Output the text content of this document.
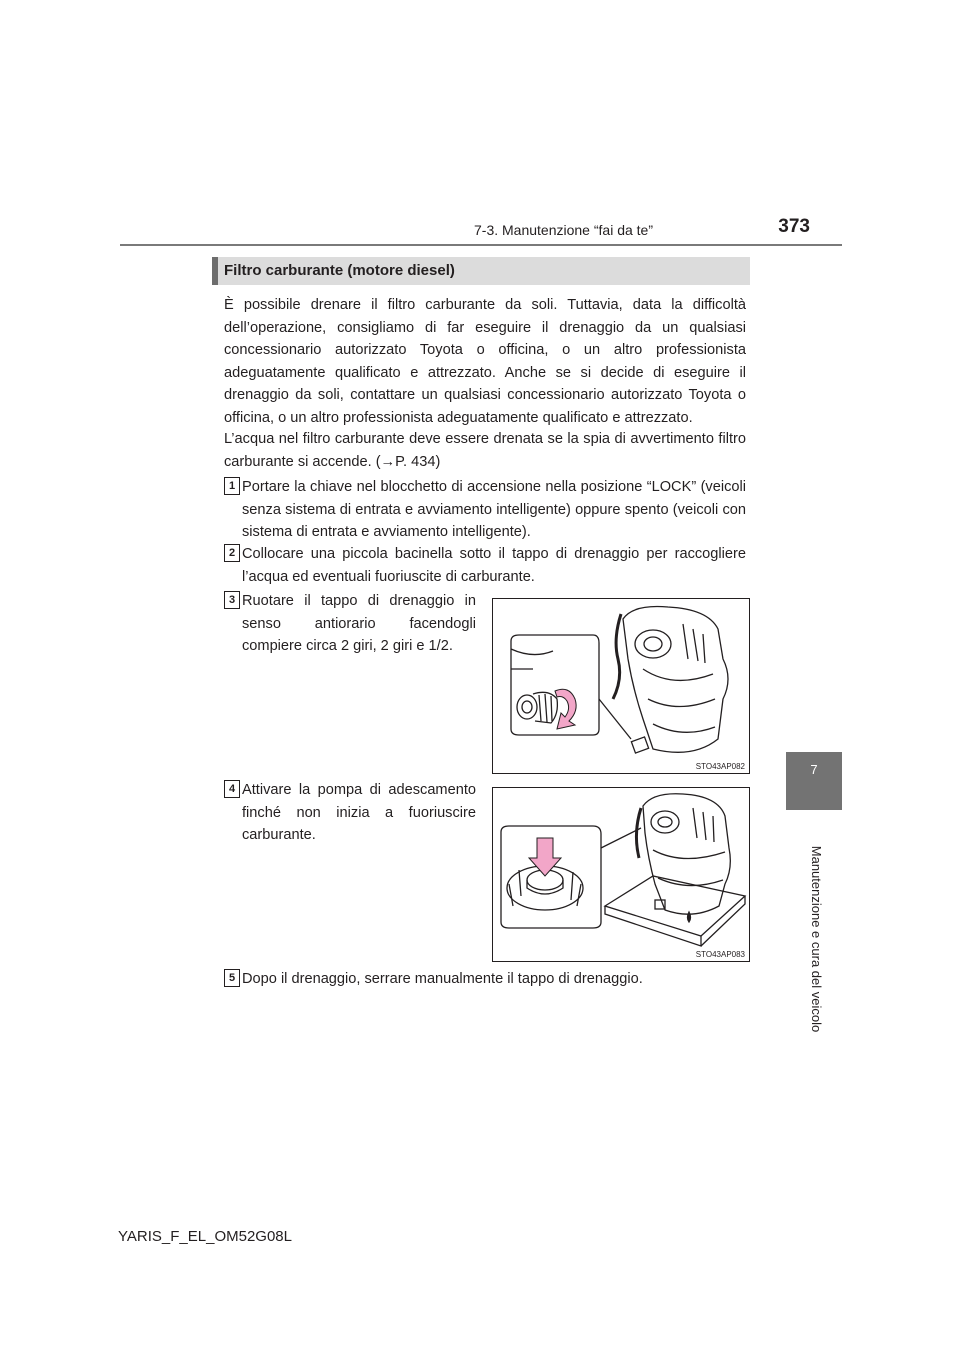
7-3. Manutenzione “fai da te”	373
7
Manutenzione e cura del veicolo
Filtro carburante (motore diesel)
È possibile drenare il filtro carburante da soli. Tuttavia, data la difficoltà dell’operazione, consigliamo di far eseguire il drenaggio da un qualsiasi concessionario autorizzato Toyota o officina, o un altro professionista adeguatamente qualificato e attrezzato. Anche se si decide di eseguire il drenaggio da soli, contattare un qualsiasi concessionario autorizzato Toyota o officina, o un altro professionista adeguatamente qualificato e attrezzato.
L’acqua nel filtro carburante deve essere drenata se la spia di avvertimento filtro carburante si accende. (→P. 434)
1 Portare la chiave nel blocchetto di accensione nella posizione “LOCK” (veicoli senza sistema di entrata e avviamento intelligente) oppure spento (veicoli con sistema di entrata e avviamento intelligente).
2 Collocare una piccola bacinella sotto il tappo di drenaggio per raccogliere l’acqua ed eventuali fuoriuscite di carburante.
3 Ruotare il tappo di drenaggio in senso antiorario facendogli compiere circa 2 giri, 2 giri e 1/2.
STO43AP082
4 Attivare la pompa di adescamento finché non inizia a fuoriuscire carburante.
STO43AP083
5 Dopo il drenaggio, serrare manualmente il tappo di drenaggio.
YARIS_F_EL_OM52G08L
